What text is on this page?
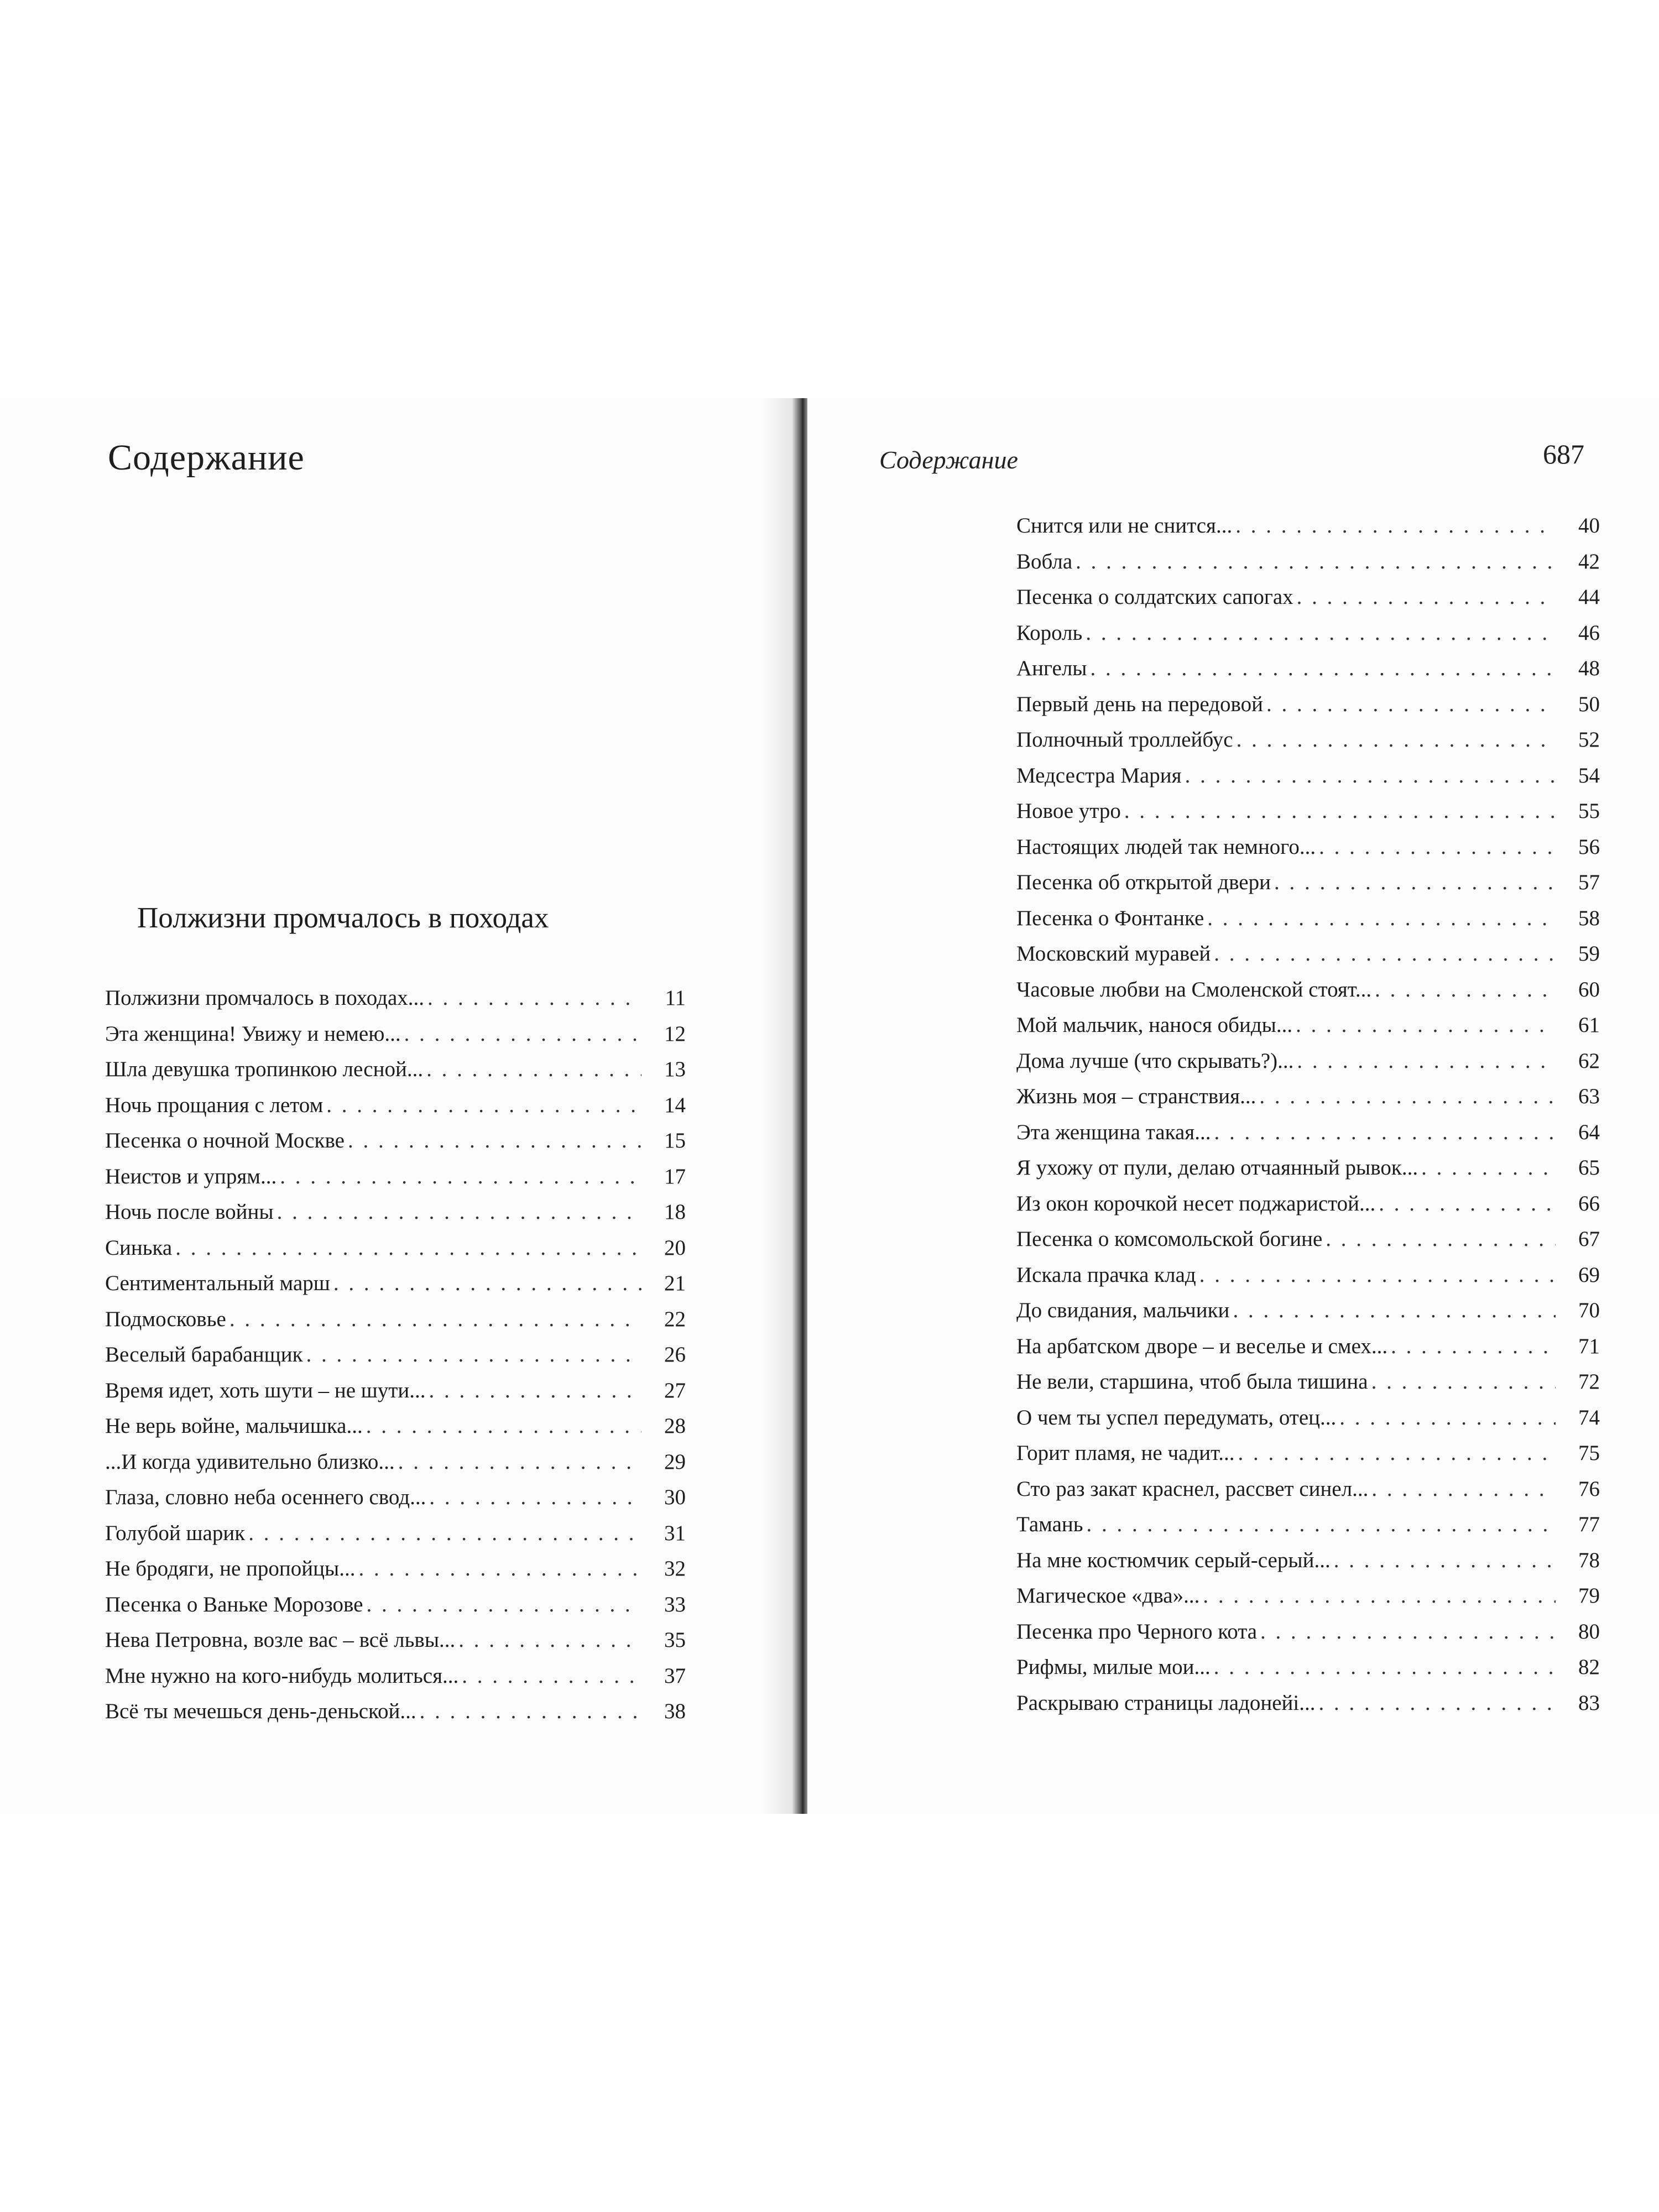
Содержание
Полжизни промчалось в походах
Полжизни промчалось в походах... . . .	11
Эта женщина! Увижу и немею... . . .	12
Шла девушка тропинкою лесной... . . .	13
Ночь прощания с летом . . .	14
Песенка о ночной Москве . . .	15
Неистов и упрям... . . .	17
Ночь после войны . . .	18
Синька . . .	20
Сентиментальный марш . . .	21
Подмосковье . . .	22
Веселый барабанщик . . .	26
Время идет, хоть шути – не шути... . . .	27
Не верь войне, мальчишка... . . .	28
...И когда удивительно близко... . . .	29
Глаза, словно неба осеннего свод... . . .	30
Голубой шарик . . .	31
Не бродяги, не пропойцы... . . .	32
Песенка о Ваньке Морозове . . .	33
Нева Петровна, возле вас – всё львы... . . .	35
Мне нужно на кого-нибудь молиться... . . .	37
Всё ты мечешься день-деньской... . . .	38
Содержание	687
Снится или не снится... . . .	40
Вобла . . .	42
Песенка о солдатских сапогах . . .	44
Король . . .	46
Ангелы . . .	48
Первый день на передовой . . .	50
Полночный троллейбус . . .	52
Медсестра Мария . . .	54
Новое утро . . .	55
Настоящих людей так немного... . . .	56
Песенка об открытой двери . . .	57
Песенка о Фонтанке . . .	58
Московский муравей . . .	59
Часовые любви на Смоленской стоят... . . .	60
Мой мальчик, нанося обиды... . . .	61
Дома лучше (что скрывать?)... . . .	62
Жизнь моя – странствия... . . .	63
Эта женщина такая... . . .	64
Я ухожу от пули, делаю отчаянный рывок... . . .	65
Из окон корочкой несет поджаристой... . . .	66
Песенка о комсомольской богине . . .	67
Искала прачка клад . . .	69
До свидания, мальчики . . .	70
На арбатском дворе – и веселье и смех... . . .	71
Не вели, старшина, чтоб была тишина . . .	72
О чем ты успел передумать, отец... . . .	74
Горит пламя, не чадит... . . .	75
Сто раз закат краснел, рассвет синел... . . .	76
Тамань . . .	77
На мне костюмчик серый-серый... . . .	78
Магическое «два»... . . .	79
Песенка про Черного кота . . .	80
Рифмы, милые мои... . . .	82
Раскрываю страницы ладонейі... . . .	83
